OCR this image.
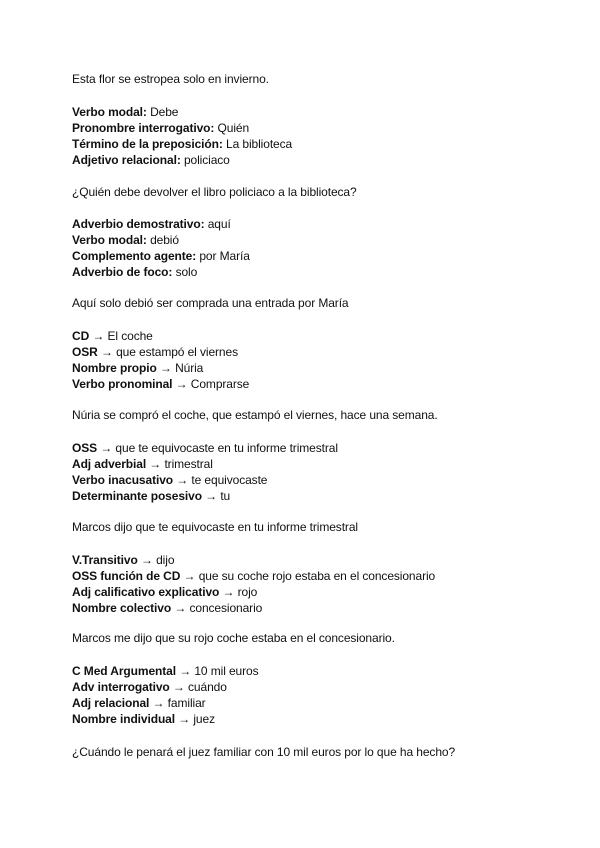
Esta flor se estropea solo en invierno.
Verbo modal: Debe
Pronombre interrogativo: Quién
Término de la preposición: La biblioteca
Adjetivo relacional: policiaco
¿Quién debe devolver el libro policiaco a la biblioteca?
Adverbio demostrativo: aquí
Verbo modal: debió
Complemento agente: por María
Adverbio de foco: solo
Aquí solo debió ser comprada una entrada por María
CD → El coche
OSR → que estampó el viernes
Nombre propio → Núria
Verbo pronominal → Comprarse
Núria se compró el coche, que estampó el viernes, hace una semana.
OSS → que te equivocaste en tu informe trimestral
Adj adverbial → trimestral
Verbo inacusativo → te equivocaste
Determinante posesivo → tu
Marcos dijo que te equivocaste en tu informe trimestral
V.Transitivo → dijo
OSS función de CD → que su coche rojo estaba en el concesionario
Adj calificativo explicativo → rojo
Nombre colectivo → concesionario
Marcos me dijo que su rojo coche estaba en el concesionario.
C Med Argumental → 10 mil euros
Adv interrogativo → cuándo
Adj relacional → familiar
Nombre individual → juez
¿Cuándo le penará el juez familiar con 10 mil euros por lo que ha hecho?
